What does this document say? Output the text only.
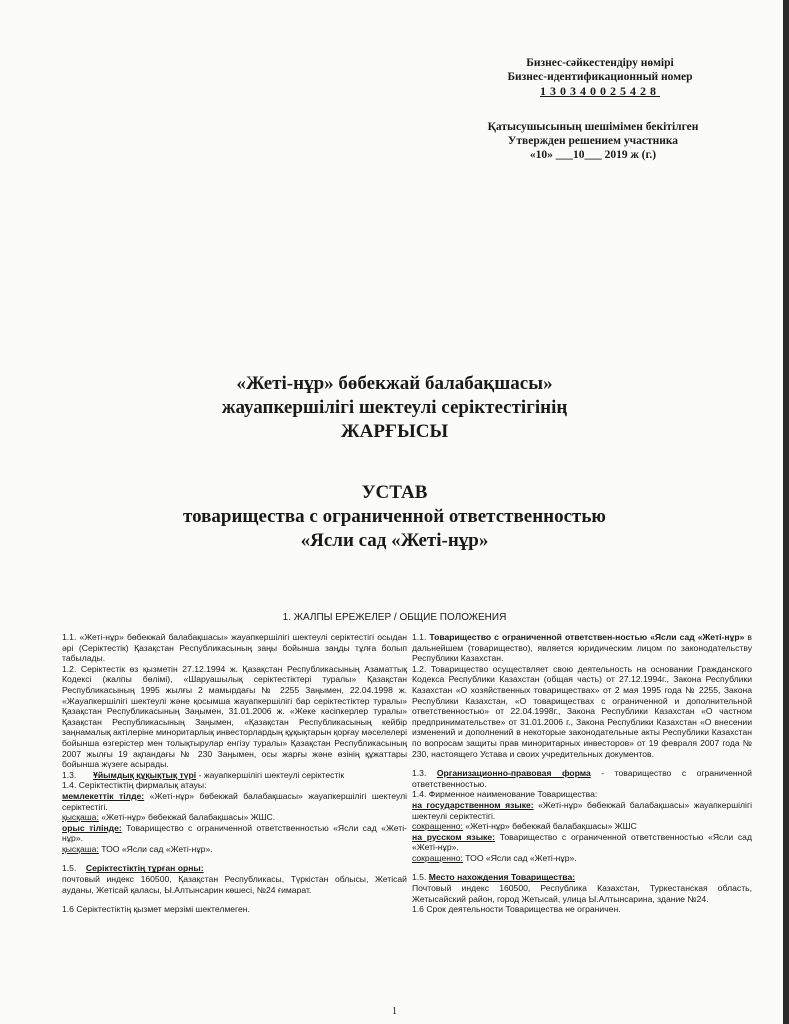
Бизнес-сәйкестендіру нөмірі
Бизнес-идентификационный номер
130340025428
Қатысушысының шешімімен бекітілген
Утвержден решением участника
«10» ___10___ 2019 ж (г.)
«Жеті-нұр» бөбекжай балабақшасы»
жауапкершілігі шектеулі серіктестігінің
ЖАРҒЫСЫ
УСТАВ
товарищества с ограниченной ответственностью
«Ясли сад «Жеті-нұр»
1. ЖАЛПЫ ЕРЕЖЕЛЕР / ОБЩИЕ ПОЛОЖЕНИЯ

1.1. «Жеті-нұр» бөбекжай балабақшасы» жауапкершілігі шектеулі серіктестігі осыдан әрі (Серіктестік) Қазақстан Республикасының заңы бойынша заңды тұлға болып табылады.

1.2. Серіктестік өз қызметін 27.12.1994 ж. Қазақстан Республикасының Азаматтық Кодексі (жалпы бөлімі), «Шаруашылық серіктестіктері туралы» Қазақстан Республикасының 1995 жылғы 2 мамырдағы № 2255 Заңымен, 22.04.1998 ж. «Жауапкершілігі шектеулі және қосымша жауапкершілігі бар серіктестіктер туралы» Қазақстан Республикасының Заңымен, 31.01.2006 ж. «Жеке кәсіпкерлер туралы» Қазақстан Республикасының Заңымен, «Қазақстан Республикасының кейбір заңнамалық актілеріне миноритарлық инвесторлардың құқықтарын қорғау мәселелері бойынша өзгерістер мен толықтырулар енгізу туралы» Қазақстан Республикасының 2007 жылғы 19 ақпандағы № 230 Заңымен, осы жарғы және өзінің құжаттары бойынша жүзеге асырады.

1.3. Ұйымдық құқықтық түрі - жауапкершілігі шектеулі серіктестік

1.4. Серіктестіктің фирмалық атауы:

мемлекеттік тілде: «Жеті-нұр» бөбекжай балабақшасы» жауапкершілігі шектеулі серіктестігі.

қысқаша: «Жеті-нұр» бөбекжай балабақшасы» ЖШС.

орыс тілінде: Товарищество с ограниченной ответственностью «Ясли сад «Жеті-нұр».

қысқаша: ТОО «Ясли сад «Жеті-нұр».

1.5. Серіктестіктің тұрған орны:

почтовый индекс 160500, Қазақстан Республикасы, Түркістан облысы, Жетісай ауданы, Жетісай қаласы, Ы.Алтынсарин көшесі, №24 ғимарат.

1.6 Серіктестіктің қызмет мерзімі шектелмеген.

1.1. Товарищество с ограниченной ответствен-ностью «Ясли сад «Жеті-нұр» в дальнейшем (товарищество), является юридическим лицом по законодательству Республики Казахстан.

1.2. Товарищество осуществляет свою деятельность на основании Гражданского Кодекса Республики Казахстан (общая часть) от 27.12.1994г., Закона Республики Казахстан «О хозяйственных товариществах» от 2 мая 1995 года № 2255, Закона Республики Казахстан, «О товариществах с ограниченной и дополнительной ответственностью» от 22.04.1998г., Закона Республики Казахстан «О частном предпринимательстве» от 31.01.2006 г., Закона Республики Казахстан «О внесении изменений и дополнений в некоторые законодательные акты Республики Казахстан по вопросам защиты прав миноритарных инвесторов» от 19 февраля 2007 года № 230, настоящего Устава и своих учредительных документов.

1.3. Организационно-правовая форма - товарищество с ограниченной ответственностью.

1.4. Фирменное наименование Товарищества:

на государственном языке: «Жеті-нұр» бөбекжай балабақшасы» жауапкершілігі шектеулі серіктестігі.

сокращенно: «Жеті-нұр» бөбекжай балабақшасы» ЖШС

на русском языке: Товарищество с ограниченной ответственностью «Ясли сад «Жеті-нұр».

сокращенно: ТОО «Ясли сад «Жеті-нұр».

1.5. Место нахождения Товарищества:

Почтовый индекс 160500, Республика Казахстан, Туркестанская область, Жетысайский район, город Жетысай, улица Ы.Алтынсарина, здание №24.

1.6 Срок деятельности Товарищества не ограничен.

1
